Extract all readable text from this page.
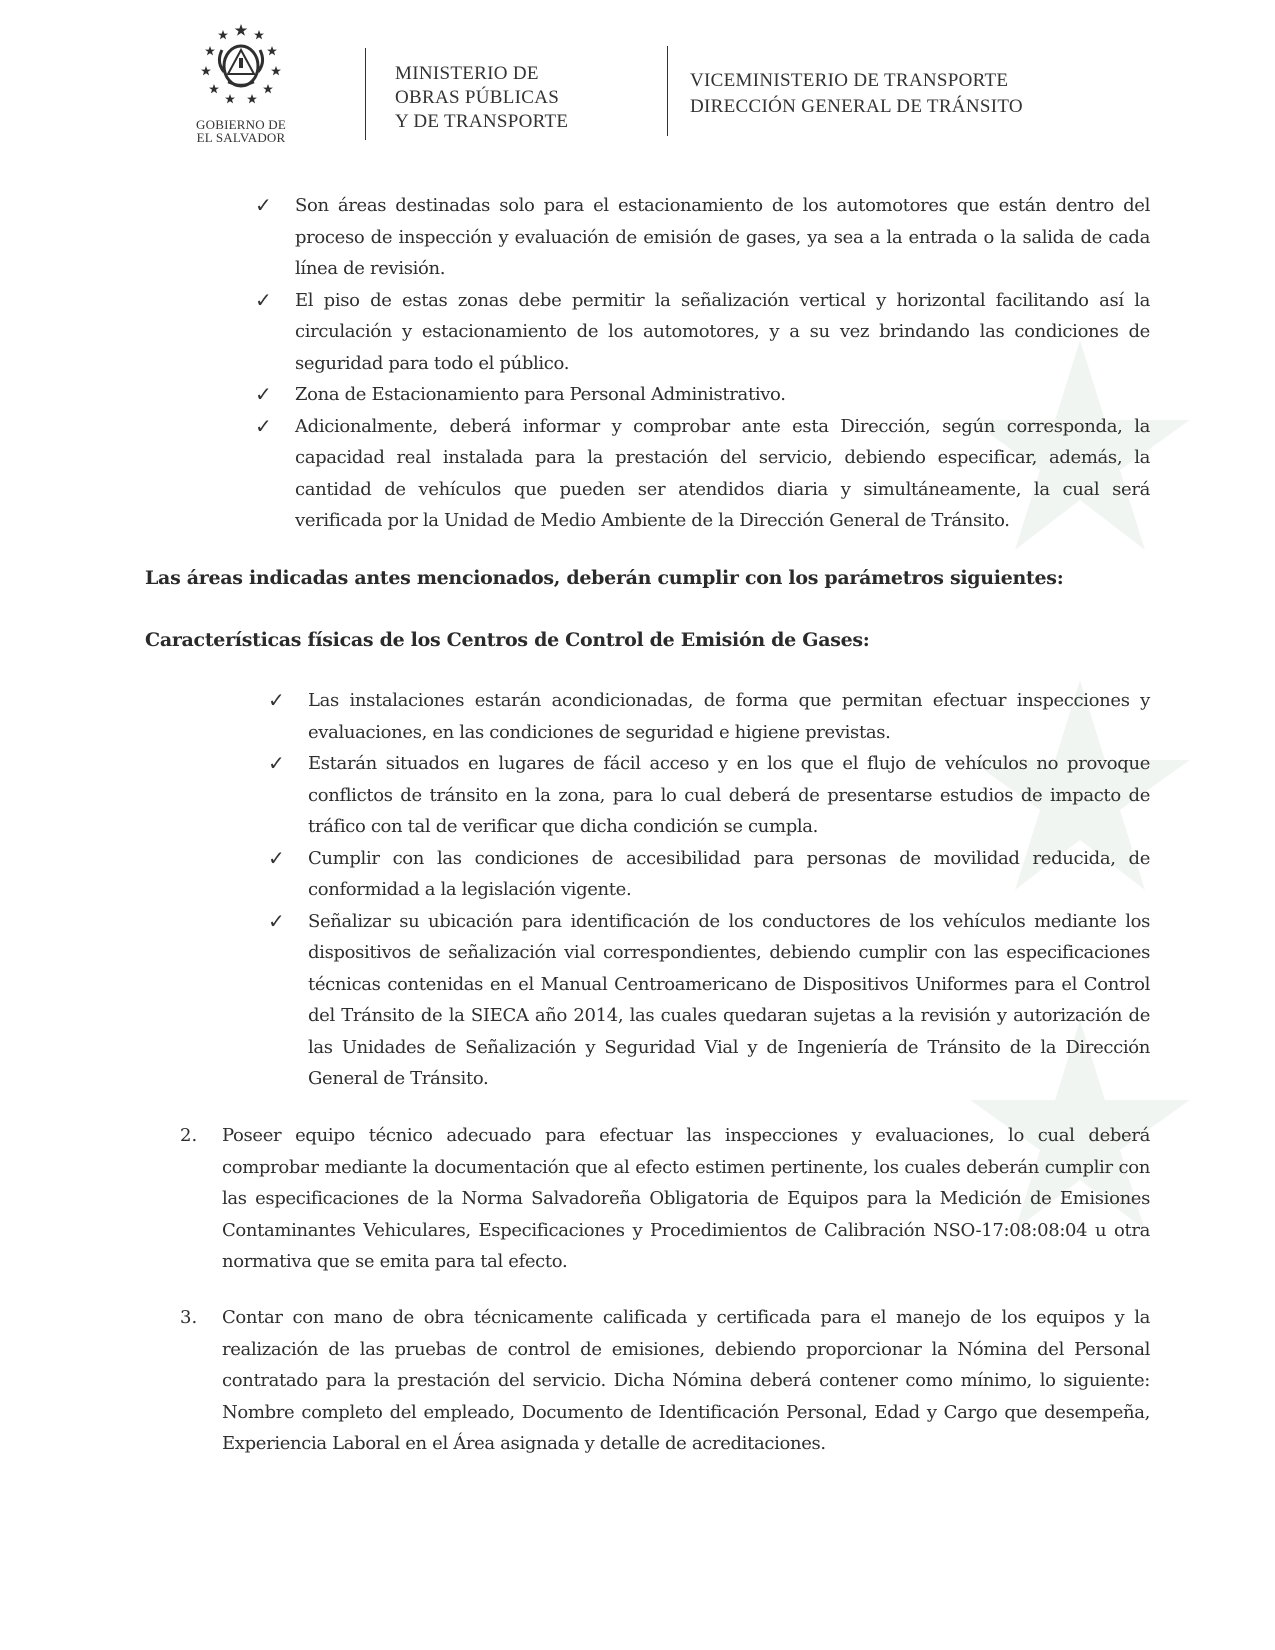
GOBIERNO DE
EL SALVADOR
MINISTERIO DE
OBRAS PÚBLICAS
Y DE TRANSPORTE
VICEMINISTERIO DE TRANSPORTE
DIRECCIÓN GENERAL DE TRÁNSITO
✓	Son áreas destinadas solo para el estacionamiento de los automotores que están dentro del proceso de inspección y evaluación de emisión de gases, ya sea a la entrada o la salida de cada línea de revisión.

✓	El piso de estas zonas debe permitir la señalización vertical y horizontal facilitando así la circulación y estacionamiento de los automotores, y a su vez brindando las condiciones de seguridad para todo el público.

✓	Zona de Estacionamiento para Personal Administrativo.

✓	Adicionalmente, deberá informar y comprobar ante esta Dirección, según corresponda, la capacidad real instalada para la prestación del servicio, debiendo especificar, además, la cantidad de vehículos que pueden ser atendidos diaria y simultáneamente, la cual será verificada por la Unidad de Medio Ambiente de la Dirección General de Tránsito.

Las áreas indicadas antes mencionados, deberán cumplir con los parámetros siguientes:
Características físicas de los Centros de Control de Emisión de Gases:
✓	Las instalaciones estarán acondicionadas, de forma que permitan efectuar inspecciones y evaluaciones, en las condiciones de seguridad e higiene previstas.

✓	Estarán situados en lugares de fácil acceso y en los que el flujo de vehículos no provoque conflictos de tránsito en la zona, para lo cual deberá de presentarse estudios de impacto de tráfico con tal de verificar que dicha condición se cumpla.

✓	Cumplir con las condiciones de accesibilidad para personas de movilidad reducida, de conformidad a la legislación vigente.

✓	Señalizar su ubicación para identificación de los conductores de los vehículos mediante los dispositivos de señalización vial correspondientes, debiendo cumplir con las especificaciones técnicas contenidas en el Manual Centroamericano de Dispositivos Uniformes para el Control del Tránsito de la SIECA año 2014, las cuales quedaran sujetas a la revisión y autorización de las Unidades de Señalización y Seguridad Vial y de Ingeniería de Tránsito de la Dirección General de Tránsito.

2.	Poseer equipo técnico adecuado para efectuar las inspecciones y evaluaciones, lo cual deberá comprobar mediante la documentación que al efecto estimen pertinente, los cuales deberán cumplir con las especificaciones de la Norma Salvadoreña Obligatoria de Equipos para la Medición de Emisiones Contaminantes Vehiculares, Especificaciones y Procedimientos de Calibración NSO-17:08:08:04 u otra normativa que se emita para tal efecto.

3.	Contar con mano de obra técnicamente calificada y certificada para el manejo de los equipos y la realización de las pruebas de control de emisiones, debiendo proporcionar la Nómina del Personal contratado para la prestación del servicio. Dicha Nómina deberá contener como mínimo, lo siguiente: Nombre completo del empleado, Documento de Identificación Personal, Edad y Cargo que desempeña, Experiencia Laboral en el Área asignada y detalle de acreditaciones.
